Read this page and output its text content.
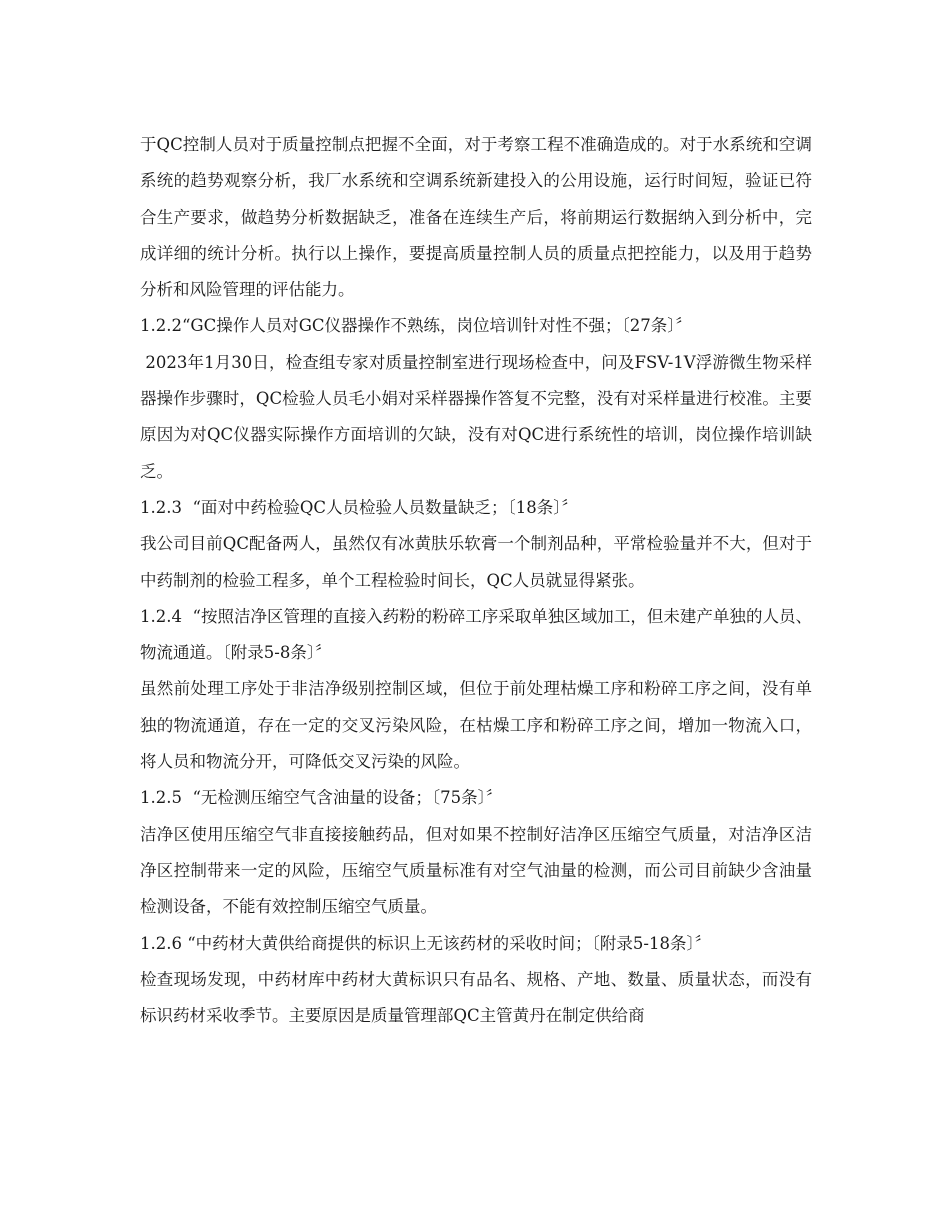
于QC控制人员对于质量控制点把握不全面，对于考察工程不准确造成的。对于水系统和空调系统的趋势观察分析，我厂水系统和空调系统新建投入的公用设施，运行时间短，验证已符合生产要求，做趋势分析数据缺乏，准备在连续生产后，将前期运行数据纳入到分析中，完成详细的统计分析。执行以上操作，要提高质量控制人员的质量点把控能力，以及用于趋势分析和风险管理的评估能力。

1.2.2“GC操作人员对GC仪器操作不熟练，岗位培训针对性不强；〔27条〕〞

2023年1月30日，检查组专家对质量控制室进行现场检查中，问及FSV-1V浮游微生物采样器操作步骤时，QC检验人员毛小娟对采样器操作答复不完整，没有对采样量进行校准。主要原因为对QC仪器实际操作方面培训的欠缺，没有对QC进行系统性的培训，岗位操作培训缺乏。

1.2.3  “面对中药检验QC人员检验人员数量缺乏；〔18条〕〞

我公司目前QC配备两人，虽然仅有冰黄肤乐软膏一个制剂品种，平常检验量并不大，但对于中药制剂的检验工程多，单个工程检验时间长，QC人员就显得紧张。

1.2.4  “按照洁净区管理的直接入药粉的粉碎工序采取单独区域加工，但未建产单独的人员、物流通道。〔附录5-8条〕〞

虽然前处理工序处于非洁净级别控制区域，但位于前处理枯燥工序和粉碎工序之间，没有单独的物流通道，存在一定的交叉污染风险，在枯燥工序和粉碎工序之间，增加一物流入口，将人员和物流分开，可降低交叉污染的风险。

1.2.5  “无检测压缩空气含油量的设备；〔75条〕〞

洁净区使用压缩空气非直接接触药品，但对如果不控制好洁净区压缩空气质量，对洁净区洁净区控制带来一定的风险，压缩空气质量标准有对空气油量的检测，而公司目前缺少含油量检测设备，不能有效控制压缩空气质量。

1.2.6 “中药材大黄供给商提供的标识上无该药材的采收时间；〔附录5-18条〕〞

检查现场发现，中药材库中药材大黄标识只有品名、规格、产地、数量、质量状态，而没有标识药材采收季节。主要原因是质量管理部QC主管黄丹在制定供给商
